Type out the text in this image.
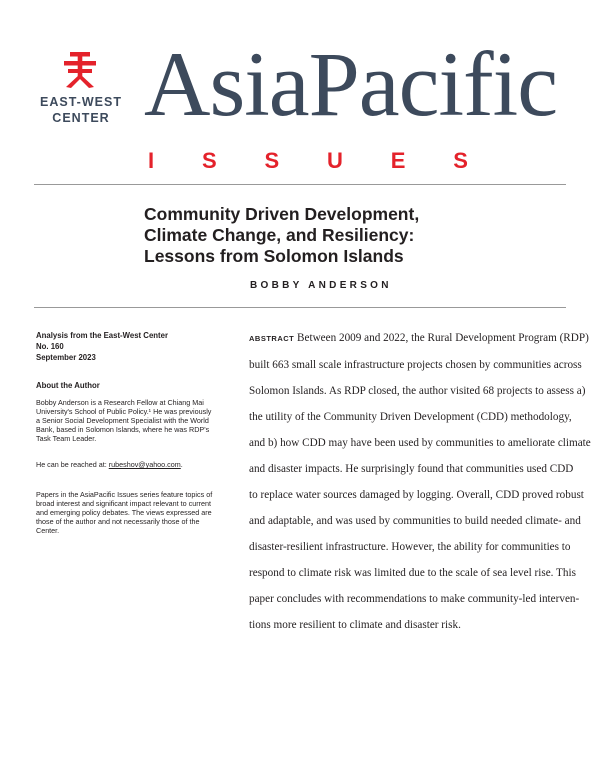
EAST-WEST
CENTER AsiaPacific
I S S U E S
Community Driven Development,
Climate Change, and Resiliency:
Lessons from Solomon Islands
BOBBY ANDERSON
Analysis from the East-West Center
No. 160
September 2023
About the Author
Bobby Anderson is a Research Fellow at Chiang Mai University's School of Public Policy.¹ He was previously a Senior Social Development Specialist with the World Bank, based in Solomon Islands, where he was RDP's Task Team Leader.
He can be reached at: rubeshov@yahoo.com.
Papers in the AsiaPacific Issues series feature topics of broad interest and significant impact relevant to current and emerging policy debates. The views expressed are those of the author and not necessarily those of the Center.
ABSTRACT Between 2009 and 2022, the Rural Development Program (RDP)
built 663 small scale infrastructure projects chosen by communities across
Solomon Islands. As RDP closed, the author visited 68 projects to assess a)
the utility of the Community Driven Development (CDD) methodology,
and b) how CDD may have been used by communities to ameliorate climate
and disaster impacts. He surprisingly found that communities used CDD
to replace water sources damaged by logging. Overall, CDD proved robust
and adaptable, and was used by communities to build needed climate- and
disaster-resilient infrastructure. However, the ability for communities to
respond to climate risk was limited due to the scale of sea level rise. This
paper concludes with recommendations to make community-led interven-
tions more resilient to climate and disaster risk.
